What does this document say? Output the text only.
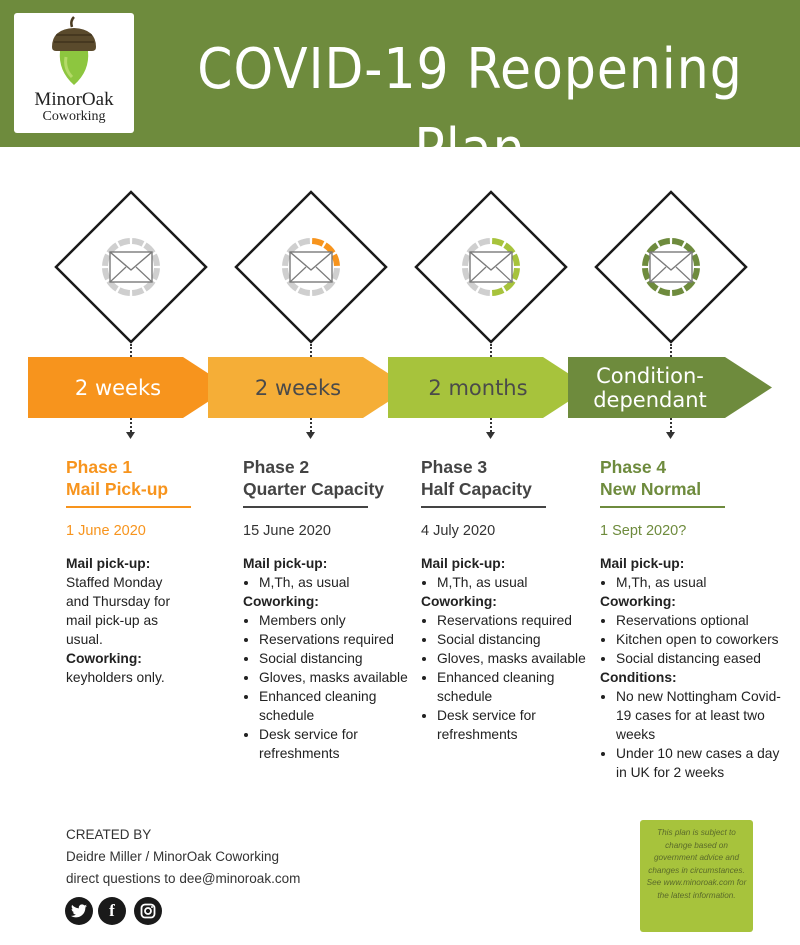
MinorOak
Coworking
COVID-19 Reopening Plan
2 weeks	2 weeks	2 months	Condition-dependant
Phase 1
Mail Pick-up
1 June 2020
Mail pick-up:
Staffed Monday and Thursday for mail pick-up as usual.
Coworking:
keyholders only.
Phase 2
Quarter Capacity
15 June 2020
Mail pick-up:
• M,Th, as usual
Coworking:
• Members only
• Reservations required
• Social distancing
• Gloves, masks available
• Enhanced cleaning schedule
• Desk service for refreshments
Phase 3
Half Capacity
4 July 2020
Mail pick-up:
• M,Th, as usual
Coworking:
• Reservations required
• Social distancing
• Gloves, masks available
• Enhanced cleaning schedule
• Desk service for refreshments
Phase 4
New Normal
1 Sept 2020?
Mail pick-up:
• M,Th, as usual
Coworking:
• Reservations optional
• Kitchen open to coworkers
• Social distancing eased
Conditions:
• No new Nottingham Covid-19 cases for at least two weeks
• Under 10 new cases a day in UK for 2 weeks
CREATED BY
Deidre Miller / MinorOak Coworking
direct questions to dee@minoroak.com
f
This plan is subject to change based on government advice and changes in circumstances. See www.minoroak.com for the latest information.
